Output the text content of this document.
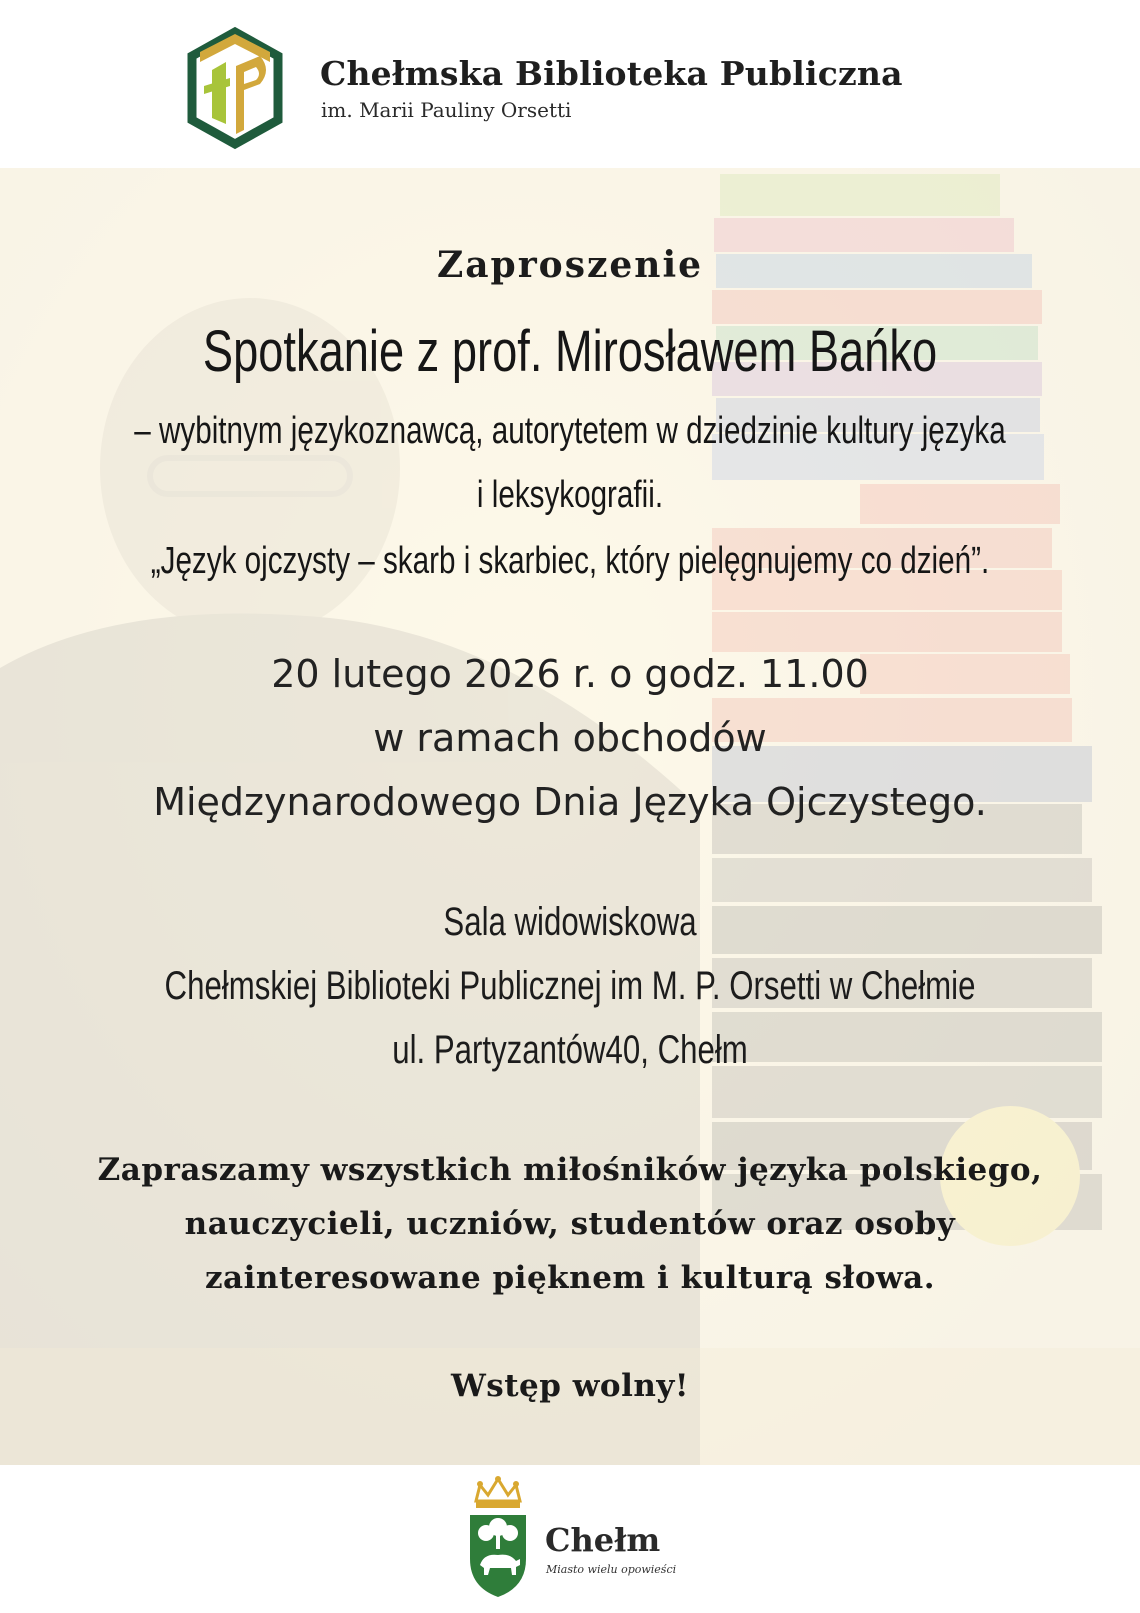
Chełmska Biblioteka Publiczna
im. Marii Pauliny Orsetti
Zaproszenie
Spotkanie z prof. Mirosławem Bańko
– wybitnym językoznawcą, autorytetem w dziedzinie kultury języka
i leksykografii.
„Język ojczysty – skarb i skarbiec, który pielęgnujemy co dzień”.
20 lutego 2026 r. o godz. 11.00
w ramach obchodów
Międzynarodowego Dnia Języka Ojczystego.
Sala widowiskowa
Chełmskiej Biblioteki Publicznej im M. P. Orsetti w Chełmie
ul. Partyzantów40, Chełm
Zapraszamy wszystkich miłośników języka polskiego,
nauczycieli, uczniów, studentów oraz osoby
zainteresowane pięknem i kulturą słowa.
Wstęp wolny!
Chełm
Miasto wielu opowieści
